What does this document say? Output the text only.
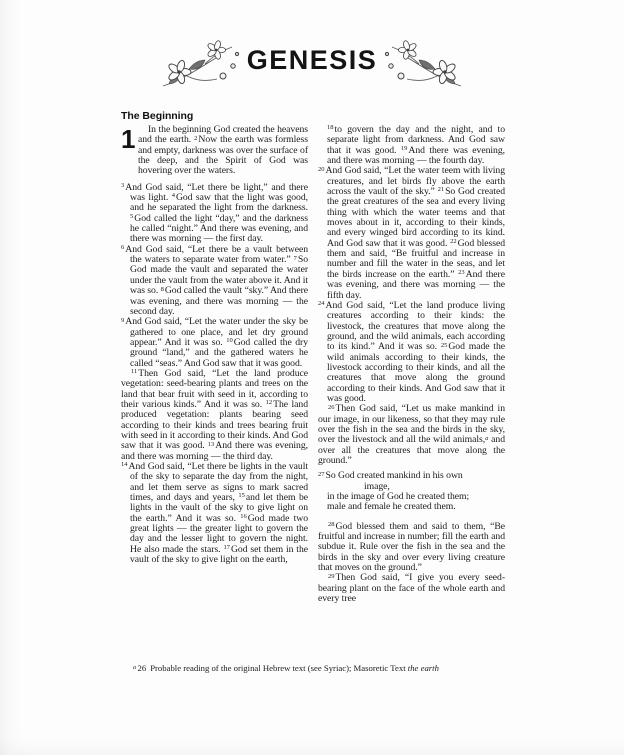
GENESIS
The Beginning
1 In the beginning God created the heavens and the earth. $^2$Now the earth was formless and empty, darkness was over the surface of the deep, and the Spirit of God was hovering over the waters.
$^3$And God said, “Let there be light,” and there was light. $^4$God saw that the light was good, and he separated the light from the darkness. $^5$God called the light “day,” and the darkness he called “night.” And there was evening, and there was morning — the first day.
$^6$And God said, “Let there be a vault between the waters to separate water from water.” $^7$So God made the vault and separated the water under the vault from the water above it. And it was so. $^8$God called the vault “sky.” And there was evening, and there was morning — the second day.
$^9$And God said, “Let the water under the sky be gathered to one place, and let dry ground appear.” And it was so. $^{10}$God called the dry ground “land,” and the gathered waters he called “seas.” And God saw that it was good.
$^{11}$Then God said, “Let the land produce vegetation: seed-bearing plants and trees on the land that bear fruit with seed in it, according to their various kinds.” And it was so. $^{12}$The land produced vegetation: plants bearing seed according to their kinds and trees bearing fruit with seed in it according to their kinds. And God saw that it was good. $^{13}$And there was evening, and there was morning — the third day.
$^{14}$And God said, “Let there be lights in the vault of the sky to separate the day from the night, and let them serve as signs to mark sacred times, and days and years, $^{15}$and let them be lights in the vault of the sky to give light on the earth.” And it was so. $^{16}$God made two great lights — the greater light to govern the day and the lesser light to govern the night. He also made the stars. $^{17}$God set them in the vault of the sky to give light on the earth,
$^{18}$to govern the day and the night, and to separate light from darkness. And God saw that it was good. $^{19}$And there was evening, and there was morning — the fourth day.
$^{20}$And God said, “Let the water teem with living creatures, and let birds fly above the earth across the vault of the sky.” $^{21}$So God created the great creatures of the sea and every living thing with which the water teems and that moves about in it, according to their kinds, and every winged bird according to its kind. And God saw that it was good. $^{22}$God blessed them and said, “Be fruitful and increase in number and fill the water in the seas, and let the birds increase on the earth.” $^{23}$And there was evening, and there was morning — the fifth day.
$^{24}$And God said, “Let the land produce living creatures according to their kinds: the livestock, the creatures that move along the ground, and the wild animals, each according to its kind.” And it was so. $^{25}$God made the wild animals according to their kinds, the livestock according to their kinds, and all the creatures that move along the ground according to their kinds. And God saw that it was good.
$^{26}$Then God said, “Let us make mankind in our image, in our likeness, so that they may rule over the fish in the sea and the birds in the sky, over the livestock and all the wild animals,$^a$ and over all the creatures that move along the ground.”
$^{27}$So God created mankind in his own
image,
in the image of God he created them;
male and female he created them.
$^{28}$God blessed them and said to them, “Be fruitful and increase in number; fill the earth and subdue it. Rule over the fish in the sea and the birds in the sky and over every living creature that moves on the ground.”
$^{29}$Then God said, “I give you every seed-bearing plant on the face of the whole earth and every tree
$^a$ 26 Probable reading of the original Hebrew text (see Syriac); Masoretic Text the earth
